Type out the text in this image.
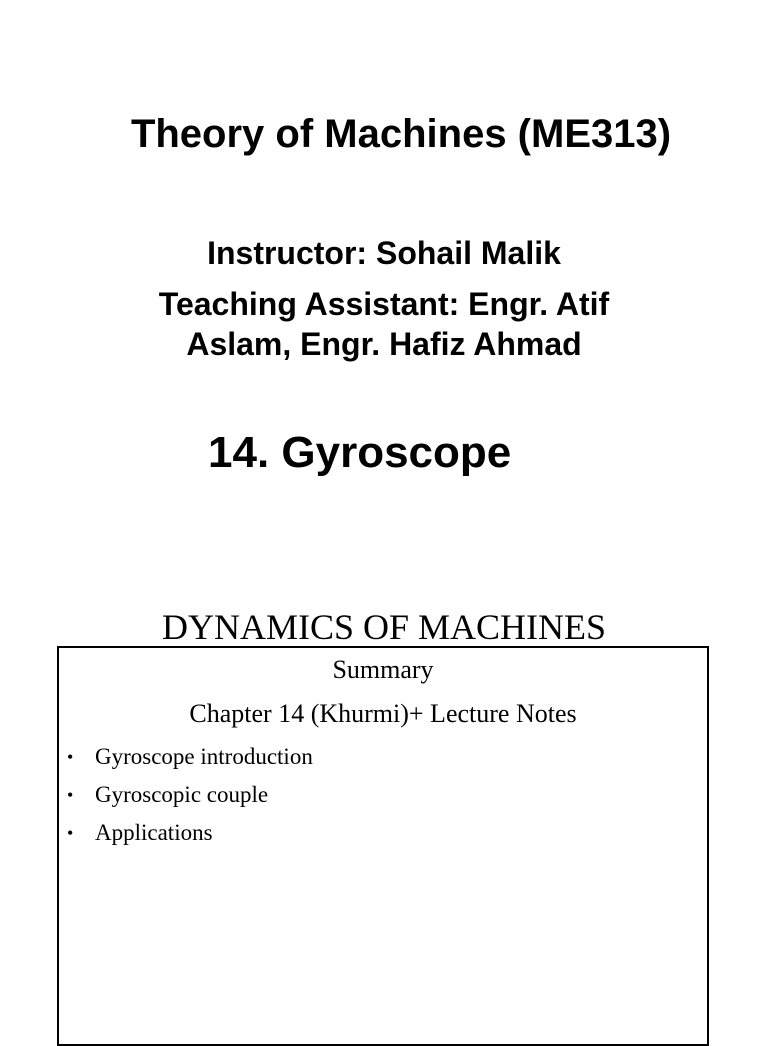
Theory of Machines (ME313)
Instructor: Sohail Malik
Teaching Assistant: Engr. Atif Aslam, Engr. Hafiz Ahmad
14. Gyroscope
DYNAMICS OF MACHINES
Summary
Chapter 14 (Khurmi)+ Lecture Notes
• Gyroscope introduction
• Gyroscopic couple
• Applications
